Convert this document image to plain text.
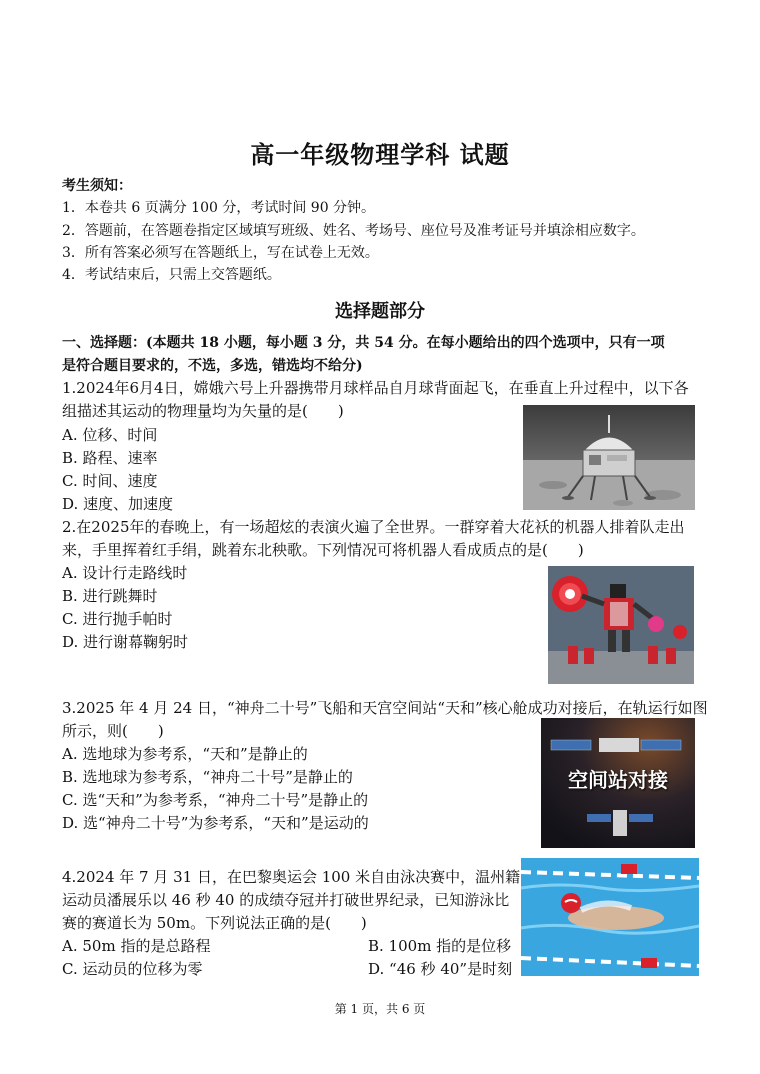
高一年级物理学科 试题
考生须知：
1．本卷共 6 页满分 100 分，考试时间 90 分钟。
2．答题前，在答题卷指定区域填写班级、姓名、考场号、座位号及准考证号并填涂相应数字。
3．所有答案必须写在答题纸上，写在试卷上无效。
4．考试结束后，只需上交答题纸。
选择题部分
一、选择题：(本题共 18 小题，每小题 3 分，共 54 分。在每小题给出的四个选项中，只有一项
是符合题目要求的，不选，多选，错选均不给分)
1.2024年6月4日，嫦娥六号上升器携带月球样品自月球背面起飞，在垂直上升过程中，以下各
组描述其运动的物理量均为矢量的是(　　)
A. 位移、时间
B. 路程、速率
C. 时间、速度
D. 速度、加速度
2.在2025年的春晚上，有一场超炫的表演火遍了全世界。一群穿着大花袄的机器人排着队走出
来，手里挥着红手绢，跳着东北秧歌。下列情况可将机器人看成质点的是(　　)
A. 设计行走路线时
B. 进行跳舞时
C. 进行抛手帕时
D. 进行谢幕鞠躬时
3.2025 年 4 月 24 日，“神舟二十号”飞船和天宫空间站“天和”核心舱成功对接后，在轨运行如图
所示，则(　　)
A. 选地球为参考系，“天和”是静止的
B. 选地球为参考系，“神舟二十号”是静止的
C. 选“天和”为参考系，“神舟二十号”是静止的
D. 选“神舟二十号”为参考系，“天和”是运动的
空间站对接
4.2024 年 7 月 31 日，在巴黎奥运会 100 米自由泳决赛中，温州籍
运动员潘展乐以 46 秒 40 的成绩夺冠并打破世界纪录，已知游泳比
赛的赛道长为 50m。下列说法正确的是(　　)
A. 50m 指的是总路程	B. 100m 指的是位移
C. 运动员的位移为零	D. “46 秒 40”是时刻
第 1 页，共 6 页
